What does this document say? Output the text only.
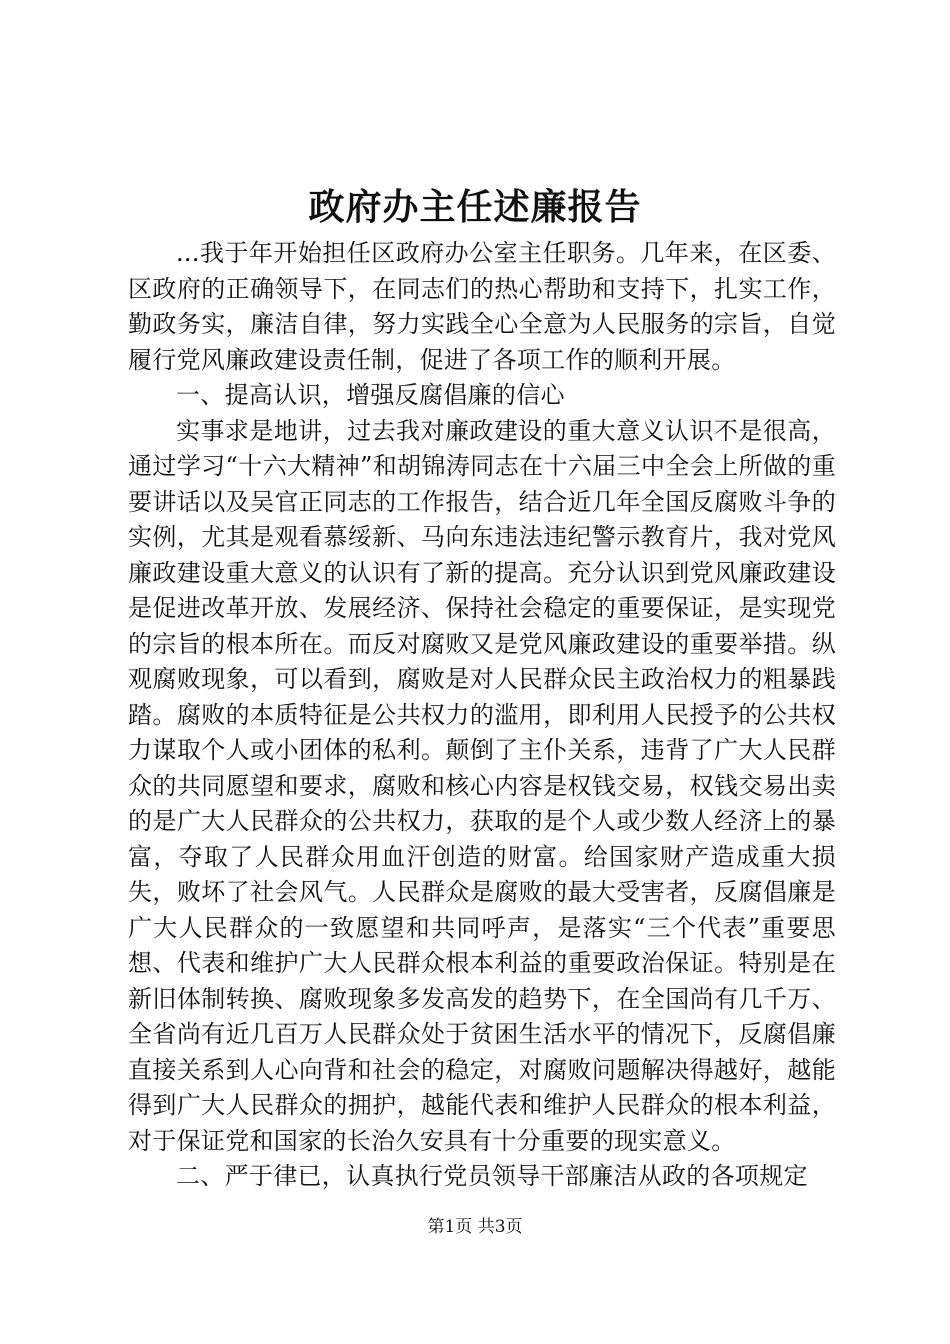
政府办主任述廉报告

...我于年开始担任区政府办公室主任职务。几年来，在区委、区政府的正确领导下，在同志们的热心帮助和支持下，扎实工作，勤政务实，廉洁自律，努力实践全心全意为人民服务的宗旨，自觉履行党风廉政建设责任制，促进了各项工作的顺利开展。

一、提高认识，增强反腐倡廉的信心

实事求是地讲，过去我对廉政建设的重大意义认识不是很高，通过学习“十六大精神”和胡锦涛同志在十六届三中全会上所做的重要讲话以及吴官正同志的工作报告，结合近几年全国反腐败斗争的实例，尤其是观看慕绥新、马向东违法违纪警示教育片，我对党风廉政建设重大意义的认识有了新的提高。充分认识到党风廉政建设是促进改革开放、发展经济、保持社会稳定的重要保证，是实现党的宗旨的根本所在。而反对腐败又是党风廉政建设的重要举措。纵观腐败现象，可以看到，腐败是对人民群众民主政治权力的粗暴践踏。腐败的本质特征是公共权力的滥用，即利用人民授予的公共权力谋取个人或小团体的私利。颠倒了主仆关系，违背了广大人民群众的共同愿望和要求，腐败和核心内容是权钱交易，权钱交易出卖的是广大人民群众的公共权力，获取的是个人或少数人经济上的暴富，夺取了人民群众用血汗创造的财富。给国家财产造成重大损失，败坏了社会风气。人民群众是腐败的最大受害者，反腐倡廉是广大人民群众的一致愿望和共同呼声，是落实“三个代表”重要思想、代表和维护广大人民群众根本利益的重要政治保证。特别是在新旧体制转换、腐败现象多发高发的趋势下，在全国尚有几千万、全省尚有近几百万人民群众处于贫困生活水平的情况下，反腐倡廉直接关系到人心向背和社会的稳定，对腐败问题解决得越好，越能得到广大人民群众的拥护，越能代表和维护人民群众的根本利益，对于保证党和国家的长治久安具有十分重要的现实意义。

二、严于律已，认真执行党员领导干部廉洁从政的各项规定

第1页 共3页
